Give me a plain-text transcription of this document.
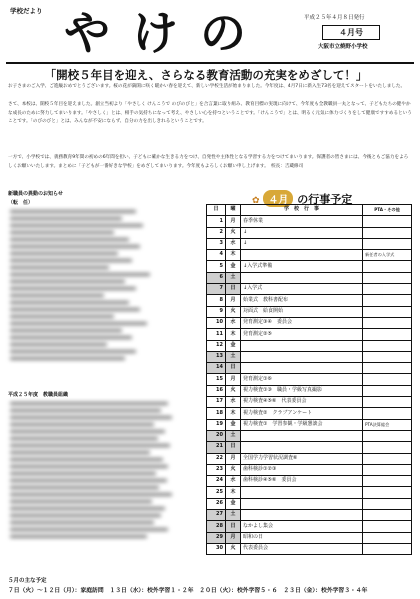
学校だより やけの	平成２５年４月８日発行
４月号
大阪市立焼野小学校
「開校５年目を迎え、さらなる教育活動の充実をめざして！」

お子さまのご入学、ご進級おめでとうございます。桜の花が満開に咲く暖かい春を迎えて、新しい学校生活が始まりました。今年度は、4月7日に新入生73名を迎えてスタートをいたしました。

さて、本校は、開校５年目を迎えました。創立当初より「やさしく けんこうで のびのびと」を合言葉に取り組み、教育目標の実現に向けて、今年度も全教職員一丸となって、子どもたちの健やかな成長のために努力してまいります。「やさしく」とは、相手の気持ちになって考え、やさしい心を持つということです。「けんこうで」とは、明るく元気に体力づくりをして健康ですすめるということです。「のびのびと」とは、みんなが不安にならず、自分の力を出しきれるということです。

一方で、小学校では、義務教育9年間の初めの6年間を担い、子どもに確かな生きる力をつけ、自発性や主体性となる学習する力をつけてまいります。保護者の皆さまには、今後ともご協力をよろしくお願いいたします。まとめに「子どもが一番好きな学校」をめざしてまいります。今年度もよろしくお願い申し上げます。　校長：吉蔵修司

新職員の異動のお知らせ
（転　任）
平成２５年度　教職員組織
✿ ４月 の行事予定
日	曜	学　校　行　事	PTA・その他
1	月	春季休業	
2	火	↓	
3	水	↓	
4	木		新任者の入学式
5	金	↓入学式準備	
6	土		
7	日	↓入学式	
8	月	始業式　教科書配布	
9	火	対面式　給食開始	
10	水	発育測定③④　委員会	
11	木	発育測定②⑤	
12	金		
13	土		
14	日		
15	月	発育測定①⑥	
16	火	視力検査①③　職員・学級写真撮影	
17	水	視力検査④⑤⑥　代表委員会	
18	木	視力検査②　クラブアンケート	
19	金	視力検査①　学習参観・学級懇談会	PTA決算総会
20	土		
21	日		
22	月	全国学力学習状況調査⑥	
23	火	歯科検診①②③	
24	水	歯科検診④⑤⑥　委員会	
25	木		
26	金		
27	土		
28	日	なかよし集会	
29	月	昭和の日	
30	火	代表委員会	
５月の主な予定
７日（火）〜１２日（月）：家庭訪問　１３日（水）：校外学習１・２年　２０日（火）：校外学習５・６　２３日（金）：校外学習３・４年
